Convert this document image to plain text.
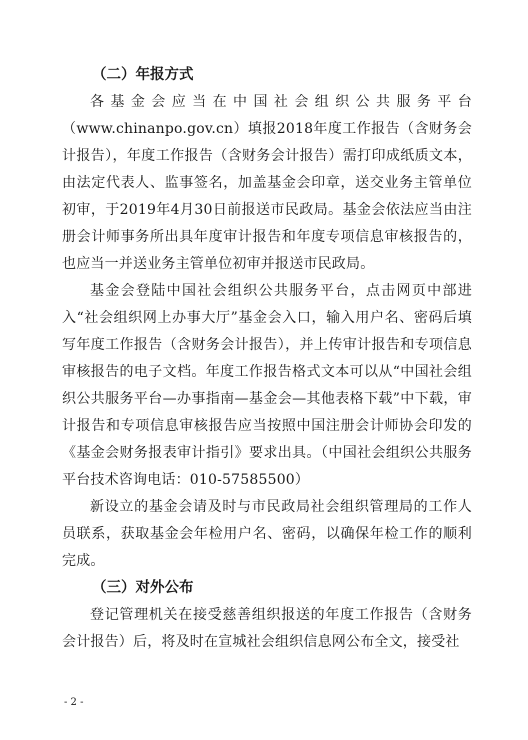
（二）年报方式

各基金会应当在中国社会组织公共服务平台（www.chinanpo.gov.cn）填报2018年度工作报告（含财务会计报告），年度工作报告（含财务会计报告）需打印成纸质文本，由法定代表人、监事签名，加盖基金会印章，送交业务主管单位初审，于2019年4月30日前报送市民政局。基金会依法应当由注册会计师事务所出具年度审计报告和年度专项信息审核报告的，也应当一并送业务主管单位初审并报送市民政局。

基金会登陆中国社会组织公共服务平台，点击网页中部进入“社会组织网上办事大厅”基金会入口，输入用户名、密码后填写年度工作报告（含财务会计报告），并上传审计报告和专项信息审核报告的电子文档。年度工作报告格式文本可以从“中国社会组织公共服务平台—办事指南—基金会—其他表格下载”中下载，审计报告和专项信息审核报告应当按照中国注册会计师协会印发的《基金会财务报表审计指引》要求出具。（中国社会组织公共服务平台技术咨询电话：010-57585500）

新设立的基金会请及时与市民政局社会组织管理局的工作人员联系，获取基金会年检用户名、密码，以确保年检工作的顺利完成。

（三）对外公布

登记管理机关在接受慈善组织报送的年度工作报告（含财务会计报告）后，将及时在宣城社会组织信息网公布全文，接受社

- 2 -
